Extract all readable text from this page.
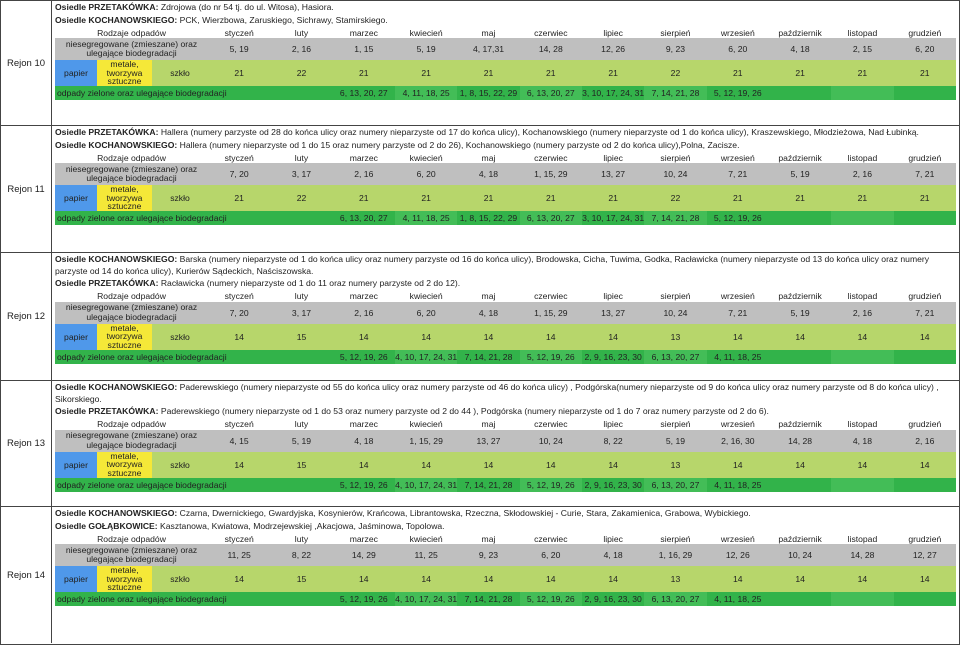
Rejon 10
Osiedle PRZETAKÓWKA: Zdrojowa (do nr 54 tj. do ul. Witosa), Hasiora.
Osiedle KOCHANOWSKIEGO: PCK, Wierzbowa, Zaruskiego, Sichrawy, Stamirskiego.
Rodzaje odpadów			styczeń	luty	marzec	kwiecień	maj	czerwiec	lipiec	sierpień	wrzesień	październik	listopad	grudzień
niesegregowane (zmieszane) oraz ulegające biodegradacji			5, 19	2, 16	1, 15	5, 19	4, 17,31	14, 28	12, 26	9, 23	6, 20	4, 18	2, 15	6, 20
papier	metale, tworzywa sztuczne	szkło	21	22	21	21	21	21	21	22	21	21	21	21
odpady zielone oraz ulegające biodegradacji					6, 13, 20, 27	4, 11, 18, 25	1, 8, 15, 22, 29	6, 13, 20, 27	3, 10, 17, 24, 31	7, 14, 21, 28	5, 12, 19, 26			
Rejon 11
Osiedle PRZETAKÓWKA: Hallera (numery parzyste od 28 do końca ulicy oraz numery nieparzyste od 17 do końca ulicy), Kochanowskiego (numery nieparzyste od 1 do końca ulicy), Kraszewskiego, Młodzieżowa, Nad Łubinką.
Osiedle KOCHANOWSKIEGO: Hallera (numery nieparzyste od 1 do 15 oraz numery parzyste od 2 do 26), Kochanowskiego (numery parzyste od 2 do końca ulicy),Polna, Zacisze.
Rodzaje odpadów			styczeń	luty	marzec	kwiecień	maj	czerwiec	lipiec	sierpień	wrzesień	październik	listopad	grudzień
niesegregowane (zmieszane) oraz ulegające biodegradacji			7, 20	3, 17	2, 16	6, 20	4, 18	1, 15, 29	13, 27	10, 24	7, 21	5, 19	2, 16	7, 21
papier	metale, tworzywa sztuczne	szkło	21	22	21	21	21	21	21	22	21	21	21	21
odpady zielone oraz ulegające biodegradacji					6, 13, 20, 27	4, 11, 18, 25	1, 8, 15, 22, 29	6, 13, 20, 27	3, 10, 17, 24, 31	7, 14, 21, 28	5, 12, 19, 26			
Rejon 12
Osiedle KOCHANOWSKIEGO: Barska (numery nieparzyste od 1 do końca ulicy oraz numery parzyste od 16 do końca ulicy), Brodowska, Cicha, Tuwima, Godka, Racławicka (numery nieparzyste od 13 do końca ulicy oraz numery parzyste od 14 do końca ulicy), Kurierów Sądeckich, Naściszowska.
Osiedle PRZETAKÓWKA: Racławicka (numery nieparzyste od 1 do 11 oraz numery parzyste od 2 do 12).
Rodzaje odpadów			styczeń	luty	marzec	kwiecień	maj	czerwiec	lipiec	sierpień	wrzesień	październik	listopad	grudzień
niesegregowane (zmieszane) oraz ulegające biodegradacji			7, 20	3, 17	2, 16	6, 20	4, 18	1, 15, 29	13, 27	10, 24	7, 21	5, 19	2, 16	7, 21
papier	metale, tworzywa sztuczne	szkło	14	15	14	14	14	14	14	13	14	14	14	14
odpady zielone oraz ulegające biodegradacji					5, 12, 19, 26	4, 10, 17, 24, 31	7, 14, 21, 28	5, 12, 19, 26	2, 9, 16, 23, 30	6, 13, 20, 27	4, 11, 18, 25			
Rejon 13
Osiedle KOCHANOWSKIEGO: Paderewskiego (numery nieparzyste od 55 do końca ulicy oraz numery parzyste od 46 do końca ulicy) , Podgórska(numery nieparzyste od 9 do końca ulicy oraz numery parzyste od 8 do końca ulicy) , Sikorskiego.
Osiedle PRZETAKÓWKA: Paderewskiego (numery nieparzyste od 1 do 53 oraz numery parzyste od 2 do 44 ), Podgórska (numery nieparzyste od 1 do 7 oraz numery parzyste od 2 do 6).
Rodzaje odpadów			styczeń	luty	marzec	kwiecień	maj	czerwiec	lipiec	sierpień	wrzesień	październik	listopad	grudzień
niesegregowane (zmieszane) oraz ulegające biodegradacji			4, 15	5, 19	4, 18	1, 15, 29	13, 27	10, 24	8, 22	5, 19	2, 16, 30	14, 28	4, 18	2, 16
papier	metale, tworzywa sztuczne	szkło	14	15	14	14	14	14	14	13	14	14	14	14
odpady zielone oraz ulegające biodegradacji					5, 12, 19, 26	4, 10, 17, 24, 31	7, 14, 21, 28	5, 12, 19, 26	2, 9, 16, 23, 30	6, 13, 20, 27	4, 11, 18, 25			
Rejon 14
Osiedle KOCHANOWSKIEGO: Czarna, Dwernickiego, Gwardyjska, Kosynierów, Krańcowa, Librantowska, Rzeczna, Skłodowskiej - Curie, Stara, Zakamienica, Grabowa, Wybickiego.
Osiedle GOŁĄBKOWICE: Kasztanowa, Kwiatowa, Modrzejewskiej ,Akacjowa, Jaśminowa, Topolowa.
Rodzaje odpadów			styczeń	luty	marzec	kwiecień	maj	czerwiec	lipiec	sierpień	wrzesień	październik	listopad	grudzień
niesegregowane (zmieszane) oraz ulegające biodegradacji			11, 25	8, 22	14, 29	11, 25	9, 23	6, 20	4, 18	1, 16, 29	12, 26	10, 24	14, 28	12, 27
papier	metale, tworzywa sztuczne	szkło	14	15	14	14	14	14	14	13	14	14	14	14
odpady zielone oraz ulegające biodegradacji					5, 12, 19, 26	4, 10, 17, 24, 31	7, 14, 21, 28	5, 12, 19, 26	2, 9, 16, 23, 30	6, 13, 20, 27	4, 11, 18, 25			
